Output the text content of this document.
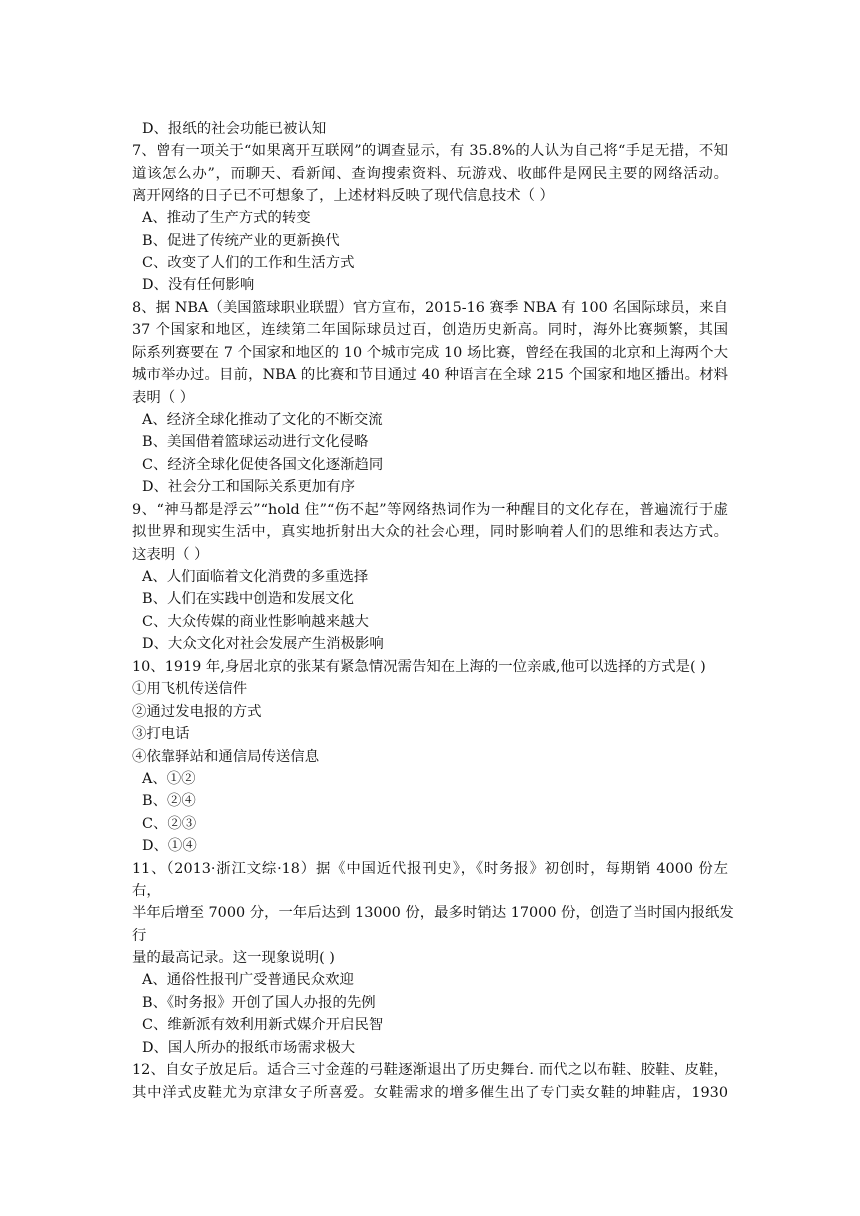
D、报纸的社会功能已被认知
7、曾有一项关于“如果离开互联网”的调查显示，有 35.8%的人认为自己将“手足无措，不知
道该怎么办”，而聊天、看新闻、查询搜索资料、玩游戏、收邮件是网民主要的网络活动。
离开网络的日子已不可想象了，上述材料反映了现代信息技术（ ）
A、推动了生产方式的转变
B、促进了传统产业的更新换代
C、改变了人们的工作和生活方式
D、没有任何影响
8、据 NBA（美国篮球职业联盟）官方宣布，2015-16 赛季 NBA 有 100 名国际球员，来自
37 个国家和地区，连续第二年国际球员过百，创造历史新高。同时，海外比赛频繁，其国
际系列赛要在 7 个国家和地区的 10 个城市完成 10 场比赛，曾经在我国的北京和上海两个大
城市举办过。目前，NBA 的比赛和节目通过 40 种语言在全球 215 个国家和地区播出。材料
表明（ ）
A、经济全球化推动了文化的不断交流
B、美国借着篮球运动进行文化侵略
C、经济全球化促使各国文化逐渐趋同
D、社会分工和国际关系更加有序
9、“神马都是浮云”“hold 住”“伤不起”等网络热词作为一种醒目的文化存在，普遍流行于虚
拟世界和现实生活中，真实地折射出大众的社会心理，同时影响着人们的思维和表达方式。
这表明（ ）
A、人们面临着文化消费的多重选择
B、人们在实践中创造和发展文化
C、大众传媒的商业性影响越来越大
D、大众文化对社会发展产生消极影响
10、1919 年,身居北京的张某有紧急情况需告知在上海的一位亲戚,他可以选择的方式是( )
①用飞机传送信件
②通过发电报的方式
③打电话
④依靠驿站和通信局传送信息
A、①②
B、②④
C、②③
D、①④
11、（2013·浙江文综·18）据《中国近代报刊史》，《时务报》初创时，每期销 4000 份左
右，
半年后增至 7000 分，一年后达到 13000 份，最多时销达 17000 份，创造了当时国内报纸发
行
量的最高记录。这一现象说明( )
A、通俗性报刊广受普通民众欢迎
B、《时务报》开创了国人办报的先例
C、维新派有效利用新式媒介开启民智
D、国人所办的报纸市场需求极大
12、自女子放足后。适合三寸金莲的弓鞋逐渐退出了历史舞台. 而代之以布鞋、胶鞋、皮鞋，
其中洋式皮鞋尤为京津女子所喜爱。女鞋需求的增多催生出了专门卖女鞋的坤鞋店，1930
